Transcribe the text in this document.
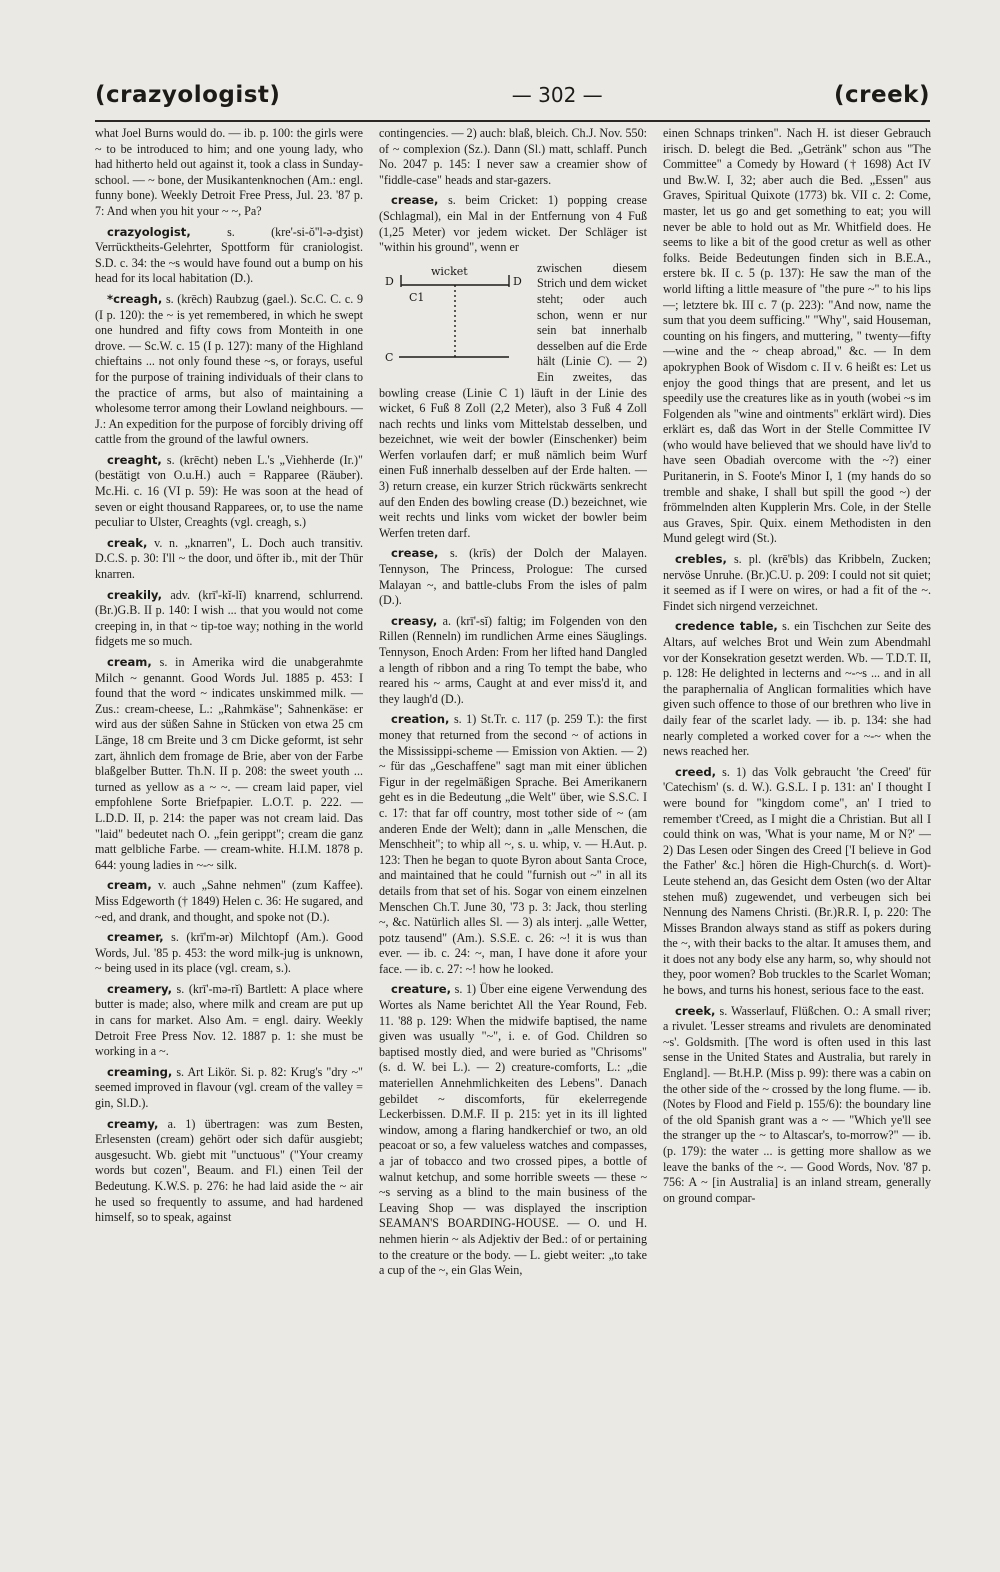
(crazyologist)	— 302 —	(creek)

what Joel Burns would do. — ib. p. 100: the girls were ~ to be introduced to him; and one young lady, who had hitherto held out against it, took a class in Sunday-school. — ~ bone, der Musikantenknochen (Am.: engl. funny bone). Weekly Detroit Free Press, Jul. 23. '87 p. 7: And when you hit your ~ ~, Pa?

crazyologist,	s. (kre'-si-ŏ''l-ə-dʒist) Verrücktheits-Gelehrter, Spottform für craniologist. S.D. c. 34: the ~s would have found out a bump on his head for its local habitation (D.).

*creagh, s. (krēch) Raubzug (gael.). Sc.C. C. c. 9 (I p. 120): the ~ is yet remembered, in which he swept one hundred and fifty cows from Monteith in one drove. — Sc.W. c. 15 (I p. 127): many of the Highland chieftains ... not only found these ~s, or forays, useful for the purpose of training individuals of their clans to the practice of arms, but also of maintaining a wholesome terror among their Lowland neighbours. — J.: An expedition for the purpose of forcibly driving off cattle from the ground of the lawful owners.

creaght, s. (krēcht) neben L.'s „Viehherde (Ir.)" (bestätigt von O.u.H.) auch = Rapparee (Räuber). Mc.Hi. c. 16 (VI p. 59): He was soon at the head of seven or eight thousand Rapparees, or, to use the name peculiar to Ulster, Creaghts (vgl. creagh, s.)

creak, v. n. „knarren", L. Doch auch transitiv. D.C.S. p. 30: I'll ~ the door, und öfter ib., mit der Thür knarren.

creakily, adv. (krī'-kĭ-lĭ) knarrend, schlurrend. (Br.)G.B. II p. 140: I wish ... that you would not come creeping in, in that ~ tip-toe way; nothing in the world fidgets me so much.

cream, s. in Amerika wird die unabgerahmte Milch ~ genannt. Good Words Jul. 1885 p. 453: I found that the word ~ indicates unskimmed milk. — Zus.: cream-cheese, L.: „Rahmkäse"; Sahnenkäse: er wird aus der süßen Sahne in Stücken von etwa 25 cm Länge, 18 cm Breite und 3 cm Dicke geformt, ist sehr zart, ähnlich dem fromage de Brie, aber von der Farbe blaßgelber Butter. Th.N. II p. 208: the sweet youth ... turned as yellow as a ~ ~. — cream laid paper, viel empfohlene Sorte Briefpapier. L.O.T. p. 222. — L.D.D. II, p. 214: the paper was not cream laid. Das "laid" bedeutet nach O. „fein gerippt"; cream die ganz matt gelbliche Farbe. — cream-white. H.I.M. 1878 p. 644: young ladies in ~-~ silk.

cream, v. auch „Sahne nehmen" (zum Kaffee). Miss Edgeworth († 1849) Helen c. 36: He sugared, and ~ed, and drank, and thought, and spoke not (D.).

creamer, s. (krī'm-ər) Milchtopf (Am.). Good Words, Jul. '85 p. 453: the word milk-jug is unknown, ~ being used in its place (vgl. cream, s.).

creamery, s. (krī'-mə-rĭ) Bartlett: A place where butter is made; also, where milk and cream are put up in cans for market. Also Am. = engl. dairy. Weekly Detroit Free Press Nov. 12. 1887 p. 1: she must be working in a ~.

creaming, s. Art Likör. Si. p. 82: Krug's "dry ~" seemed improved in flavour (vgl. cream of the valley = gin, Sl.D.).

creamy, a. 1) übertragen: was zum Besten, Erlesensten (cream) gehört oder sich dafür ausgiebt; ausgesucht. Wb. giebt mit "unctuous" ("Your creamy words but cozen", Beaum. and Fl.) einen Teil der Bedeutung. K.W.S. p. 276: he had laid aside the ~ air he used so frequently to assume, and had hardened himself, so to speak, against

contingencies. — 2) auch: blaß, bleich. Ch.J. Nov. 550: of ~ complexion (Sz.). Dann (Sl.) matt, schlaff. Punch No. 2047 p. 145: I never saw a creamier show of "fiddle-case" heads and star-gazers.

crease, s. beim Cricket: 1) popping crease (Schlagmal), ein Mal in der Entfernung von 4 Fuß (1,25 Meter) vor jedem wicket. Der Schläger ist "within his ground", wenn er

D
wicket
D
C1
C
zwischen diesem Strich und dem wicket steht; oder auch schon, wenn er nur sein bat innerhalb desselben auf die Erde hält (Linie C). — 2) Ein zweites, das bowling crease (Linie C 1) läuft in der Linie des wicket, 6 Fuß 8 Zoll (2,2 Meter), also 3 Fuß 4 Zoll nach rechts und links vom Mittelstab desselben, und bezeichnet, wie weit der bowler (Einschenker) beim Werfen vorlaufen darf; er muß nämlich beim Wurf einen Fuß innerhalb desselben auf der Erde halten. — 3) return crease, ein kurzer Strich rückwärts senkrecht auf den Enden des bowling crease (D.) bezeichnet, wie weit rechts und links vom wicket der bowler beim Werfen treten darf.

crease, s. (krīs) der Dolch der Malayen. Tennyson, The Princess, Prologue: The cursed Malayan ~, and battle-clubs From the isles of palm (D.).

creasy, a. (krī'-sĭ) faltig; im Folgenden von den Rillen (Renneln) im rundlichen Arme eines Säuglings. Tennyson, Enoch Arden: From her lifted hand Dangled a length of ribbon and a ring To tempt the babe, who reared his ~ arms, Caught at and ever miss'd it, and they laugh'd (D.).

creation, s. 1) St.Tr. c. 117 (p. 259 T.): the first money that returned from the second ~ of actions in the Mississippi-scheme — Emission von Aktien. — 2) ~ für das „Geschaffene" sagt man mit einer üblichen Figur in der regelmäßigen Sprache. Bei Amerikanern geht es in die Bedeutung „die Welt" über, wie S.S.C. I c. 17: that far off country, most tother side of ~ (am anderen Ende der Welt); dann in „alle Menschen, die Menschheit"; to whip all ~, s. u. whip, v. — H.Aut. p. 123: Then he began to quote Byron about Santa Croce, and maintained that he could "furnish out ~" in all its details from that set of his. Sogar von einem einzelnen Menschen Ch.T. June 30, '73 p. 3: Jack, thou sterling ~, &c. Natürlich alles Sl. — 3) als interj. „alle Wetter, potz tausend" (Am.). S.S.E. c. 26: ~! it is wus than ever. — ib. c. 24: ~, man, I have done it afore your face. — ib. c. 27: ~! how he looked.

creature, s. 1) Über eine eigene Verwendung des Wortes als Name berichtet All the Year Round, Feb. 11. '88 p. 129: When the midwife baptised, the name given was usually "~", i. e. of God. Children so baptised mostly died, and were buried as "Chrisoms" (s. d. W. bei L.). — 2) creature-comforts, L.: „die materiellen Annehmlichkeiten des Lebens". Danach gebildet ~ discomforts, für ekelerregende Leckerbissen. D.M.F. II p. 215: yet in its ill lighted window, among a flaring handkerchief or two, an old peacoat or so, a few valueless watches and compasses, a jar of tobacco and two crossed pipes, a bottle of walnut ketchup, and some horrible sweets — these ~ ~s serving as a blind to the main business of the Leaving Shop — was displayed the inscription SEAMAN'S BOARDING-HOUSE. — O. und H. nehmen hierin ~ als Adjektiv der Bed.: of or pertaining to the creature or the body. — L. giebt weiter: „to take a cup of the ~, ein Glas Wein,

einen Schnaps trinken". Nach H. ist dieser Gebrauch irisch. D. belegt die Bed. „Getränk" schon aus "The Committee" a Comedy by Howard († 1698) Act IV und Bw.W. I, 32; aber auch die Bed. „Essen" aus Graves, Spiritual Quixote (1773) bk. VII c. 2: Come, master, let us go and get something to eat; you will never be able to hold out as Mr. Whitfield does. He seems to like a bit of the good cretur as well as other folks. Beide Bedeutungen finden sich in B.E.A., erstere bk. II c. 5 (p. 137): He saw the man of the world lifting a little measure of "the pure ~" to his lips —; letztere bk. III c. 7 (p. 223): "And now, name the sum that you deem sufficing." "Why", said Houseman, counting on his fingers, and muttering, " twenty—fifty—wine and the ~ cheap abroad," &c. — In dem apokryphen Book of Wisdom c. II v. 6 heißt es: Let us enjoy the good things that are present, and let us speedily use the creatures like as in youth (wobei ~s im Folgenden als "wine and ointments" erklärt wird). Dies erklärt es, daß das Wort in der Stelle Committee IV (who would have believed that we should have liv'd to have seen Obadiah overcome with the ~?) einer Puritanerin, in S. Foote's Minor I, 1 (my hands do so tremble and shake, I shall but spill the good ~) der frömmelnden alten Kupplerin Mrs. Cole, in der Stelle aus Graves, Spir. Quix. einem Methodisten in den Mund gelegt wird (St.).

crebles, s. pl. (krē'bls) das Kribbeln, Zucken; nervöse Unruhe. (Br.)C.U. p. 209: I could not sit quiet; it seemed as if I were on wires, or had a fit of the ~. Findet sich nirgend verzeichnet.

credence table, s. ein Tischchen zur Seite des Altars, auf welches Brot und Wein zum Abendmahl vor der Konsekration gesetzt werden. Wb. — T.D.T. II, p. 128: He delighted in lecterns and ~-~s ... and in all the paraphernalia of Anglican formalities which have given such offence to those of our brethren who live in daily fear of the scarlet lady. — ib. p. 134: she had nearly completed a worked cover for a ~-~ when the news reached her.

creed, s. 1) das Volk gebraucht 'the Creed' für 'Catechism' (s. d. W.). G.S.L. I p. 131: an' I thought I were bound for "kingdom come", an' I tried to remember t'Creed, as I might die a Christian. But all I could think on was, 'What is your name, M or N?' — 2) Das Lesen oder Singen des Creed ['I believe in God the Father' &c.] hören die High-Church(s. d. Wort)-Leute stehend an, das Gesicht dem Osten (wo der Altar stehen muß) zugewendet, und verbeugen sich bei Nennung des Namens Christi. (Br.)R.R. I, p. 220: The Misses Brandon always stand as stiff as pokers during the ~, with their backs to the altar. It amuses them, and it does not any body else any harm, so, why should not they, poor women? Bob truckles to the Scarlet Woman; he bows, and turns his honest, serious face to the east.

creek, s. Wasserlauf, Flüßchen. O.: A small river; a rivulet. 'Lesser streams and rivulets are denominated ~s'. Goldsmith. [The word is often used in this last sense in the United States and Australia, but rarely in England]. — Bt.H.P. (Miss p. 99): there was a cabin on the other side of the ~ crossed by the long flume. — ib. (Notes by Flood and Field p. 155/6): the boundary line of the old Spanish grant was a ~ — "Which ye'll see the stranger up the ~ to Altascar's, to-morrow?" — ib. (p. 179): the water ... is getting more shallow as we leave the banks of the ~. — Good Words, Nov. '87 p. 756: A ~ [in Australia] is an inland stream, generally on ground compar-
